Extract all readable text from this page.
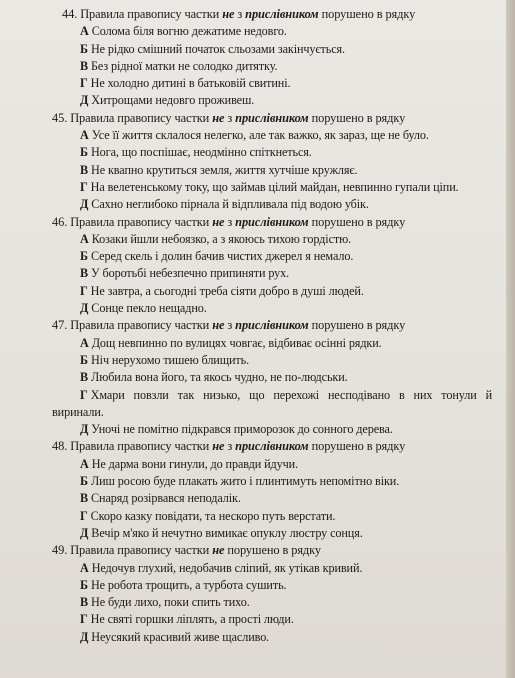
44. Правила правопису частки не з прислівником порушено в рядку
А Солома біля вогню дежатиме недовго.
Б Не рідко смішний початок сльозами закінчується.
В Без рідної матки не солодко дитятку.
Г Не холодно дитині в батьковій свитині.
Д Хитрощами недовго проживеш.
45. Правила правопису частки не з прислівником порушено в рядку
А Усе її життя склалося нелегко, але так важко, як зараз, ще не було.
Б Нога, що поспішає, неодмінно спіткнеться.
В Не квапно крутиться земля, життя хутчіше кружляє.
Г На велетенському току, що займав цілий майдан, невпинно гупали ціпи.
Д Сахно неглибоко пірнала й відпливала під водою убік.
46. Правила правопису частки не з прислівником порушено в рядку
А Козаки йшли небоязко, а з якоюсь тихою гордістю.
Б Серед скель і долин бачив чистих джерел я немало.
В У боротьбі небезпечно припиняти рух.
Г Не завтра, а сьогодні треба сіяти добро в душі людей.
Д Сонце пекло нещадно.
47. Правила правопису частки не з прислівником порушено в рядку
А Дощ невпинно по вулицях човгає, відбиває осінні рядки.
Б Ніч нерухомо тишею блищить.
В Любила вона його, та якось чудно, не по-людськи.
Г Хмари повзли так низько, що перехожі несподівано в них тонули й виринали.
Д Уночі не помітно підкрався приморозок до сонного дерева.
48. Правила правопису частки не з прислівником порушено в рядку
А Не дарма вони гинули, до правди йдучи.
Б Лиш росою буде плакать жито і плинтимуть непомітно віки.
В Снаряд розірвався неподалік.
Г Скоро казку повідати, та нескоро путь верстати.
Д Вечір м'яко й нечутно вимикає опуклу люстру сонця.
49. Правила правопису частки не порушено в рядку
А Недочув глухий, недобачив сліпий, як утікав кривий.
Б Не робота трощить, а турбота сушить.
В Не буди лихо, поки спить тихо.
Г Не святі горшки ліплять, а прості люди.
Д Неусякий красивий живе щасливо.
